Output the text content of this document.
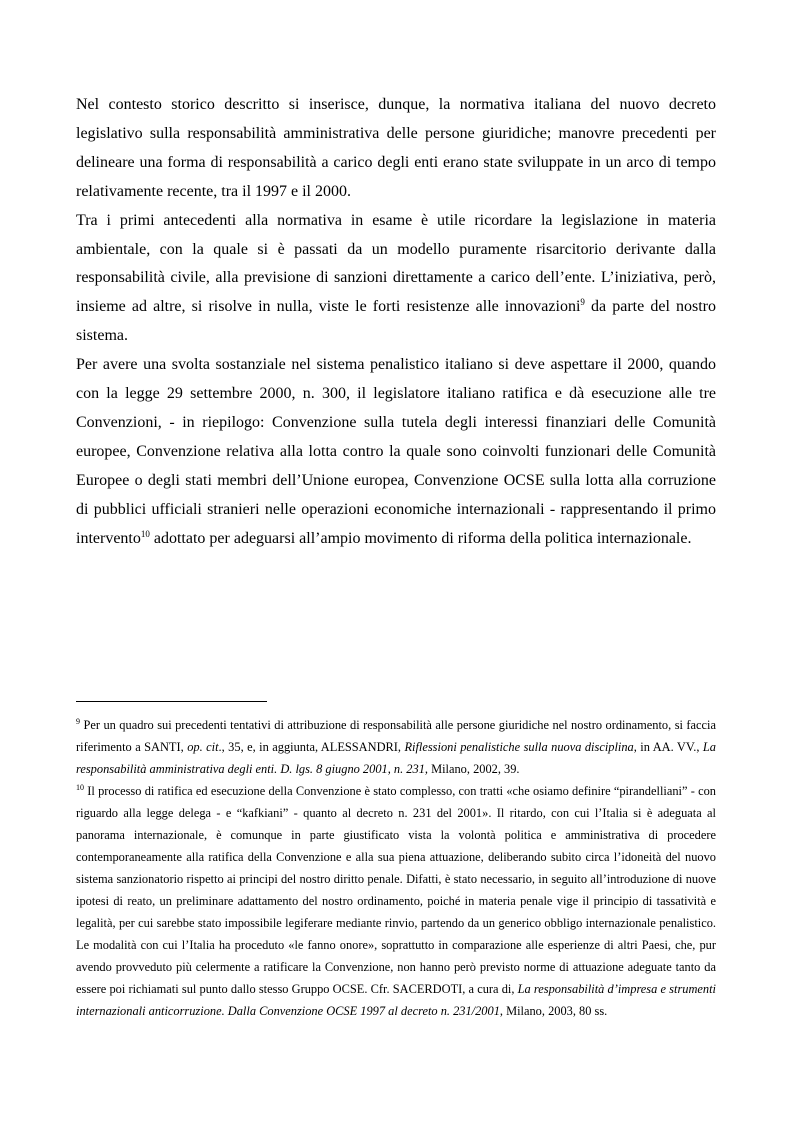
Nel contesto storico descritto si inserisce, dunque, la normativa italiana del nuovo decreto legislativo sulla responsabilità amministrativa delle persone giuridiche; manovre precedenti per delineare una forma di responsabilità a carico degli enti erano state sviluppate in un arco di tempo relativamente recente, tra il 1997 e il 2000.

Tra i primi antecedenti alla normativa in esame è utile ricordare la legislazione in materia ambientale, con la quale si è passati da un modello puramente risarcitorio derivante dalla responsabilità civile, alla previsione di sanzioni direttamente a carico dell’ente. L’iniziativa, però, insieme ad altre, si risolve in nulla, viste le forti resistenze alle innovazioni$^9$ da parte del nostro sistema.

Per avere una svolta sostanziale nel sistema penalistico italiano si deve aspettare il 2000, quando con la legge 29 settembre 2000, n. 300, il legislatore italiano ratifica e dà esecuzione alle tre Convenzioni, - in riepilogo: Convenzione sulla tutela degli interessi finanziari delle Comunità europee, Convenzione relativa alla lotta contro la quale sono coinvolti funzionari delle Comunità Europee o degli stati membri dell’Unione europea, Convenzione OCSE sulla lotta alla corruzione di pubblici ufficiali stranieri nelle operazioni economiche internazionali - rappresentando il primo intervento$^{10}$ adottato per adeguarsi all’ampio movimento di riforma della politica internazionale.

$^9$ Per un quadro sui precedenti tentativi di attribuzione di responsabilità alle persone giuridiche nel nostro ordinamento, si faccia riferimento a SANTI, op. cit., 35, e, in aggiunta, ALESSANDRI, Riflessioni penalistiche sulla nuova disciplina, in AA. VV., La responsabilità amministrativa degli enti. D. lgs. 8 giugno 2001, n. 231, Milano, 2002, 39.

$^{10}$ Il processo di ratifica ed esecuzione della Convenzione è stato complesso, con tratti «che osiamo definire “pirandelliani” - con riguardo alla legge delega - e “kafkiani” - quanto al decreto n. 231 del 2001». Il ritardo, con cui l’Italia si è adeguata al panorama internazionale, è comunque in parte giustificato vista la volontà politica e amministrativa di procedere contemporaneamente alla ratifica della Convenzione e alla sua piena attuazione, deliberando subito circa l’idoneità del nuovo sistema sanzionatorio rispetto ai principi del nostro diritto penale. Difatti, è stato necessario, in seguito all’introduzione di nuove ipotesi di reato, un preliminare adattamento del nostro ordinamento, poiché in materia penale vige il principio di tassatività e legalità, per cui sarebbe stato impossibile legiferare mediante rinvio, partendo da un generico obbligo internazionale penalistico. Le modalità con cui l’Italia ha proceduto «le fanno onore», soprattutto in comparazione alle esperienze di altri Paesi, che, pur avendo provveduto più celermente a ratificare la Convenzione, non hanno però previsto norme di attuazione adeguate tanto da essere poi richiamati sul punto dallo stesso Gruppo OCSE. Cfr. SACERDOTI, a cura di, La responsabilità d’impresa e strumenti internazionali anticorruzione. Dalla Convenzione OCSE 1997 al decreto n. 231/2001, Milano, 2003, 80 ss.
